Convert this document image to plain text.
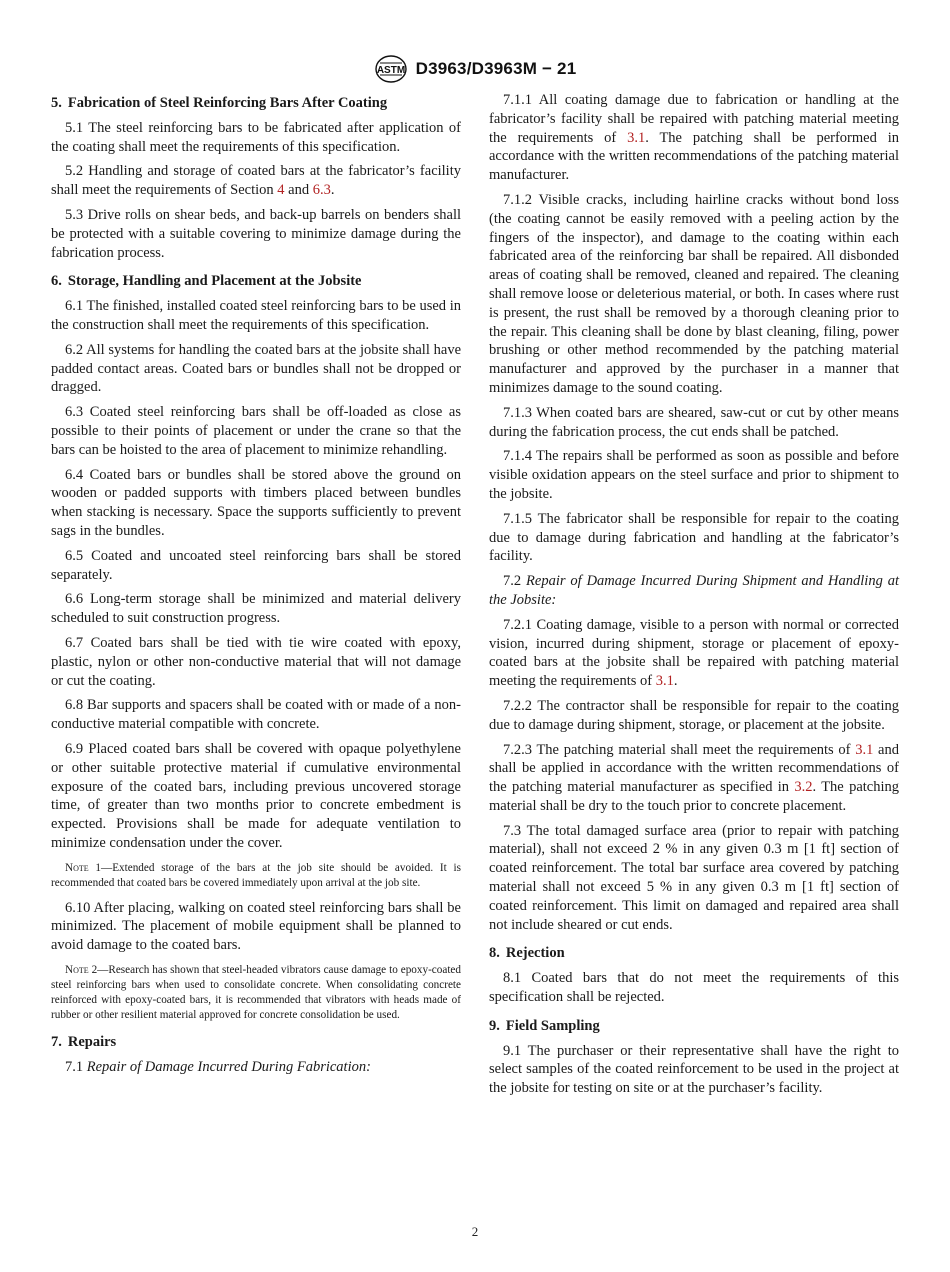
ASTM D3963/D3963M − 21
5. Fabrication of Steel Reinforcing Bars After Coating

5.1 The steel reinforcing bars to be fabricated after application of the coating shall meet the requirements of this specification.

5.2 Handling and storage of coated bars at the fabricator’s facility shall meet the requirements of Section 4 and 6.3.

5.3 Drive rolls on shear beds, and back-up barrels on benders shall be protected with a suitable covering to minimize damage during the fabrication process.

6. Storage, Handling and Placement at the Jobsite

6.1 The finished, installed coated steel reinforcing bars to be used in the construction shall meet the requirements of this specification.

6.2 All systems for handling the coated bars at the jobsite shall have padded contact areas. Coated bars or bundles shall not be dropped or dragged.

6.3 Coated steel reinforcing bars shall be off-loaded as close as possible to their points of placement or under the crane so that the bars can be hoisted to the area of placement to minimize rehandling.

6.4 Coated bars or bundles shall be stored above the ground on wooden or padded supports with timbers placed between bundles when stacking is necessary. Space the supports sufficiently to prevent sags in the bundles.

6.5 Coated and uncoated steel reinforcing bars shall be stored separately.

6.6 Long-term storage shall be minimized and material delivery scheduled to suit construction progress.

6.7 Coated bars shall be tied with tie wire coated with epoxy, plastic, nylon or other non-conductive material that will not damage or cut the coating.

6.8 Bar supports and spacers shall be coated with or made of a non-conductive material compatible with concrete.

6.9 Placed coated bars shall be covered with opaque polyethylene or other suitable protective material if cumulative environmental exposure of the coated bars, including previous uncovered storage time, of greater than two months prior to concrete embedment is expected. Provisions shall be made for adequate ventilation to minimize condensation under the cover.

Note 1—Extended storage of the bars at the job site should be avoided. It is recommended that coated bars be covered immediately upon arrival at the job site.

6.10 After placing, walking on coated steel reinforcing bars shall be minimized. The placement of mobile equipment shall be planned to avoid damage to the coated bars.

Note 2—Research has shown that steel-headed vibrators cause damage to epoxy-coated steel reinforcing bars when used to consolidate concrete. When consolidating concrete reinforced with epoxy-coated bars, it is recommended that vibrators with heads made of rubber or other resilient material approved for concrete consolidation be used.
7. Repairs

7.1 Repair of Damage Incurred During Fabrication:

7.1.1 All coating damage due to fabrication or handling at the fabricator’s facility shall be repaired with patching material meeting the requirements of 3.1. The patching shall be performed in accordance with the written recommendations of the patching material manufacturer.

7.1.2 Visible cracks, including hairline cracks without bond loss (the coating cannot be easily removed with a peeling action by the fingers of the inspector), and damage to the coating within each fabricated area of the reinforcing bar shall be repaired. All disbonded areas of coating shall be removed, cleaned and repaired. The cleaning shall remove loose or deleterious material, or both. In cases where rust is present, the rust shall be removed by a thorough cleaning prior to the repair. This cleaning shall be done by blast cleaning, filing, power brushing or other method recommended by the patching material manufacturer and approved by the purchaser in a manner that minimizes damage to the sound coating.

7.1.3 When coated bars are sheared, saw-cut or cut by other means during the fabrication process, the cut ends shall be patched.

7.1.4 The repairs shall be performed as soon as possible and before visible oxidation appears on the steel surface and prior to shipment to the jobsite.

7.1.5 The fabricator shall be responsible for repair to the coating due to damage during fabrication and handling at the fabricator’s facility.

7.2 Repair of Damage Incurred During Shipment and Handling at the Jobsite:

7.2.1 Coating damage, visible to a person with normal or corrected vision, incurred during shipment, storage or placement of epoxy-coated bars at the jobsite shall be repaired with patching material meeting the requirements of 3.1.

7.2.2 The contractor shall be responsible for repair to the coating due to damage during shipment, storage, or placement at the jobsite.

7.2.3 The patching material shall meet the requirements of 3.1 and shall be applied in accordance with the written recommendations of the patching material manufacturer as specified in 3.2. The patching material shall be dry to the touch prior to concrete placement.

7.3 The total damaged surface area (prior to repair with patching material), shall not exceed 2 % in any given 0.3 m [1 ft] section of coated reinforcement. The total bar surface area covered by patching material shall not exceed 5 % in any given 0.3 m [1 ft] section of coated reinforcement. This limit on damaged and repaired area shall not include sheared or cut ends.

8. Rejection

8.1 Coated bars that do not meet the requirements of this specification shall be rejected.

9. Field Sampling

9.1 The purchaser or their representative shall have the right to select samples of the coated reinforcement to be used in the project at the jobsite for testing on site or at the purchaser’s facility.

2
